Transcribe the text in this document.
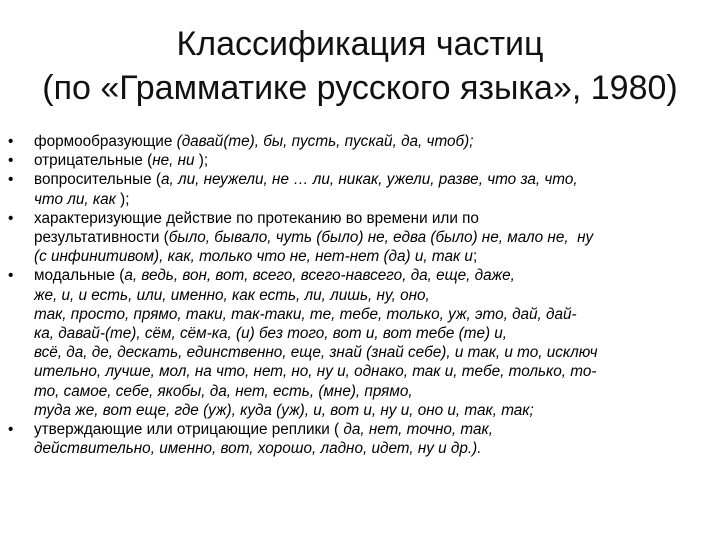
Классификация частиц
(по «Грамматике русского языка», 1980)
• формообразующие (давай(те), бы, пусть, пускай, да, чтоб);
• отрицательные (не, ни );
• вопросительные (а, ли, неужели, не … ли, никак, ужели, разве, что за, что,
что ли, как );
• характеризующие действие по протеканию во времени или по
результативности (было, бывало, чуть (было) не, едва (было) не, мало не,  ну
(с инфинитивом), как, только что не, нет-нет (да) и, так и;
• модальные (а, ведь, вон, вот, всего, всего-навсего, да, еще, даже,
же, и, и есть, или, именно, как есть, ли, лишь, ну, оно,
так, просто, прямо, таки, так-таки, те, тебе, только, уж, это, дай, дай-
ка, давай-(те), сём, сём-ка, (и) без того, вот и, вот тебе (те) и,
всё, да, де, дескать, единственно, еще, знай (знай себе), и так, и то, исключ
ительно, лучше, мол, на что, нет, но, ну и, однако, так и, тебе, только, то-
то, самое, себе, якобы, да, нет, есть, (мне), прямо,
туда же, вот еще, где (уж), куда (уж), и, вот и, ну и, оно и, так, так;
• утверждающие или отрицающие реплики ( да, нет, точно, так,
действительно, именно, вот, хорошо, ладно, идет, ну и др.).
